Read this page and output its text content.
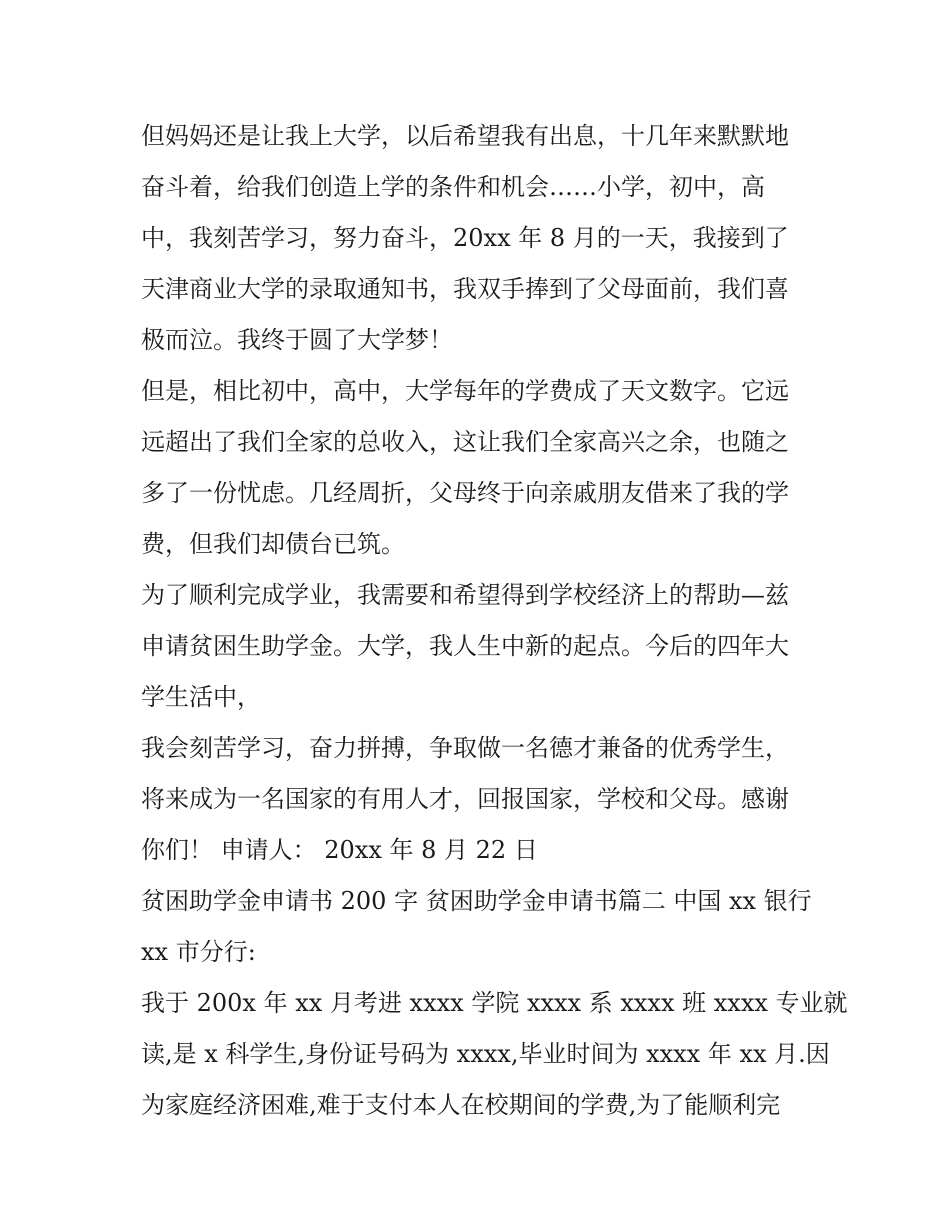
但妈妈还是让我上大学，以后希望我有出息，十几年来默默地
奋斗着，给我们创造上学的条件和机会……小学，初中，高
中，我刻苦学习，努力奋斗，20xx 年 8 月的一天，我接到了
天津商业大学的录取通知书，我双手捧到了父母面前，我们喜
极而泣。我终于圆了大学梦！
但是，相比初中，高中，大学每年的学费成了天文数字。它远
远超出了我们全家的总收入，这让我们全家高兴之余，也随之
多了一份忧虑。几经周折，父母终于向亲戚朋友借来了我的学
费，但我们却债台已筑。
为了顺利完成学业，我需要和希望得到学校经济上的帮助—兹
申请贫困生助学金。大学，我人生中新的起点。今后的四年大
学生活中，
我会刻苦学习，奋力拼搏，争取做一名德才兼备的优秀学生，
将来成为一名国家的有用人才，回报国家，学校和父母。感谢
你们！ 申请人： 20xx 年 8 月 22 日
贫困助学金申请书 200 字 贫困助学金申请书篇二 中国 xx 银行
xx 市分行:
我于 200x 年 xx 月考进 xxxx 学院 xxxx 系 xxxx 班 xxxx 专业就
读,是 x 科学生,身份证号码为 xxxx,毕业时间为 xxxx 年 xx 月.因
为家庭经济困难,难于支付本人在校期间的学费,为了能顺利完
